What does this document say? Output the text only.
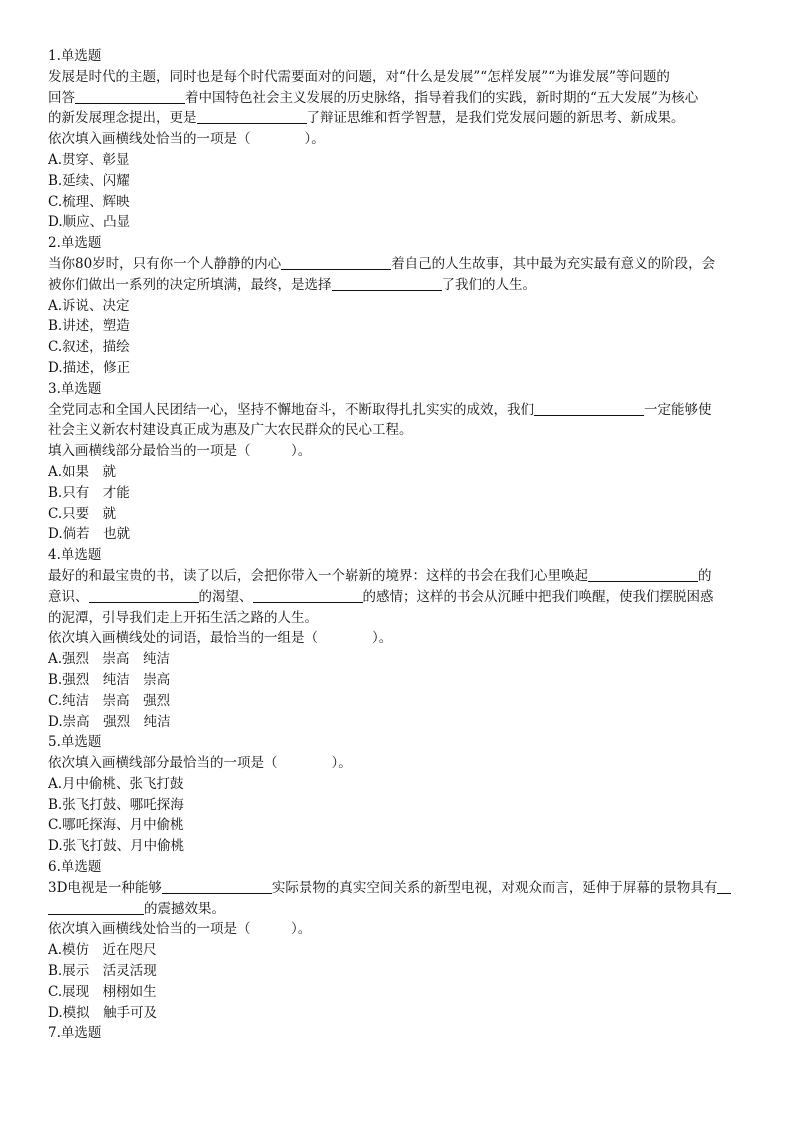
1.单选题
发展是时代的主题，同时也是每个时代需要面对的问题，对“什么是发展”“怎样发展”“为谁发展”等问题的
回答	着中国特色社会主义发展的历史脉络，指导着我们的实践，新时期的“五大发展”为核心
的新发展理念提出，更是	了辩证思维和哲学智慧，是我们党发展问题的新思考、新成果。
依次填入画横线处恰当的一项是（　　　　）。
A.贯穿、彰显
B.延续、闪耀
C.梳理、辉映
D.顺应、凸显
2.单选题
当你80岁时，只有你一个人静静的内心	着自己的人生故事，其中最为充实最有意义的阶段，会
被你们做出一系列的决定所填满，最终，是选择	了我们的人生。
A.诉说、决定
B.讲述，塑造
C.叙述，描绘
D.描述，修正
3.单选题
全党同志和全国人民团结一心，坚持不懈地奋斗，不断取得扎扎实实的成效，我们	一定能够使
社会主义新农村建设真正成为惠及广大农民群众的民心工程。
填入画横线部分最恰当的一项是（　　　）。
A.如果　就
B.只有　才能
C.只要　就
D.倘若　也就
4.单选题
最好的和最宝贵的书，读了以后，会把你带入一个崭新的境界：这样的书会在我们心里唤起	的
意识、	的渴望、	的感情；这样的书会从沉睡中把我们唤醒，使我们摆脱困惑
的泥潭，引导我们走上开拓生活之路的人生。
依次填入画横线处的词语，最恰当的一组是（　　　　）。
A.强烈　崇高　纯洁
B.强烈　纯洁　崇高
C.纯洁　崇高　强烈
D.崇高　强烈　纯洁
5.单选题
依次填入画横线部分最恰当的一项是（　　　　）。
A.月中偷桃、张飞打鼓
B.张飞打鼓、哪吒探海
C.哪吒探海、月中偷桃
D.张飞打鼓、月中偷桃
6.单选题
3D电视是一种能够	实际景物的真实空间关系的新型电视，对观众而言，延伸于屏幕的景物具有
的震撼效果。
依次填入画横线处恰当的一项是（　　　）。
A.模仿　近在咫尺
B.展示　活灵活现
C.展现　栩栩如生
D.模拟　触手可及
7.单选题
